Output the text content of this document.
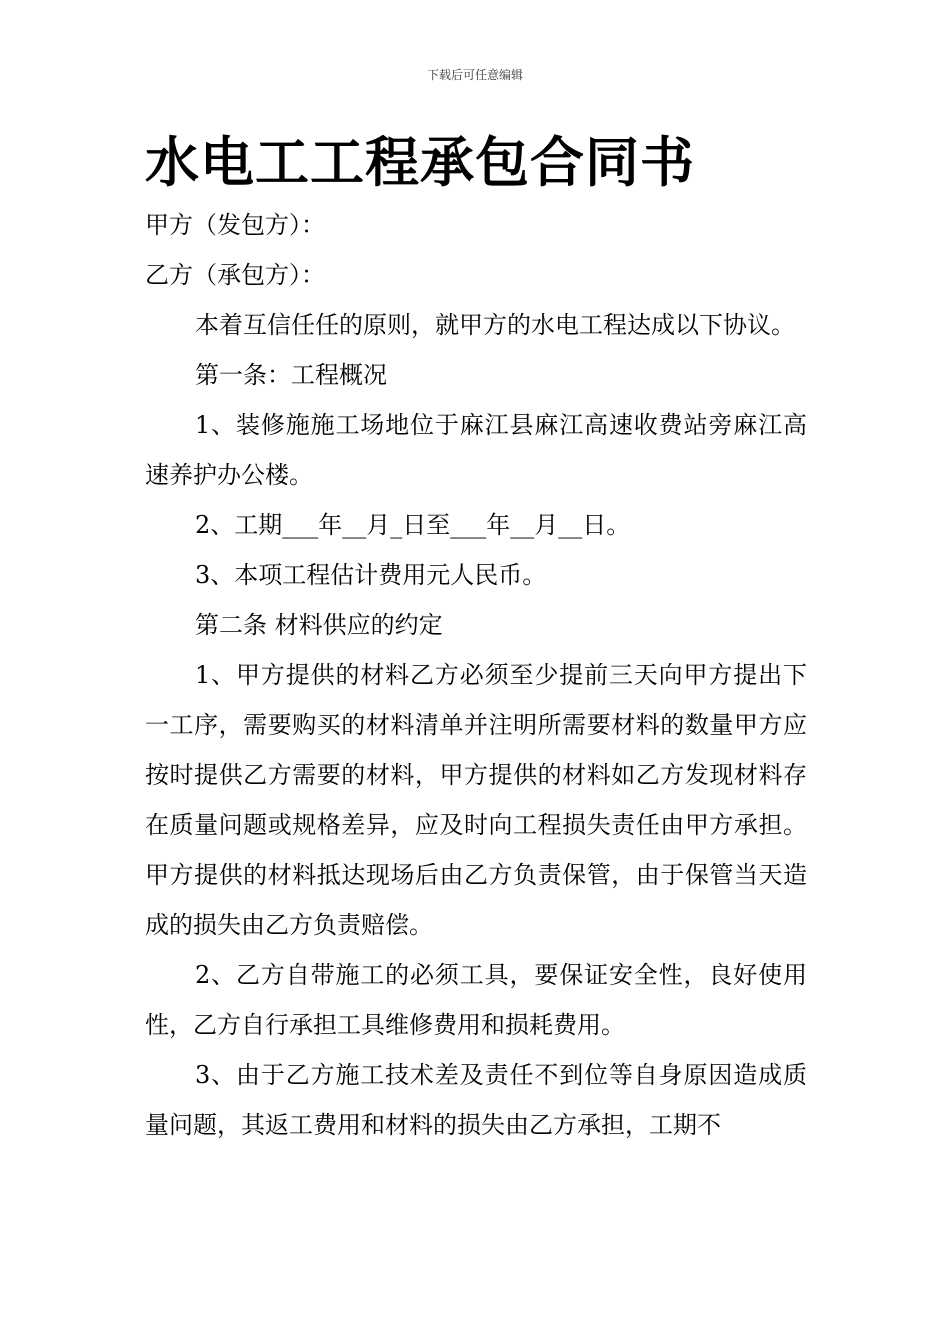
下载后可任意编辑
水电工工程承包合同书

甲方（发包方）：

乙方（承包方）：

本着互信任任的原则，就甲方的水电工程达成以下协议。

第一条：工程概况

1、装修施施工场地位于麻江县麻江高速收费站旁麻江高速养护办公楼。

2、工期___年__月_日至___年__月__日。

3、本项工程估计费用元人民币。

第二条 材料供应的约定

1、甲方提供的材料乙方必须至少提前三天向甲方提出下一工序，需要购买的材料清单并注明所需要材料的数量甲方应按时提供乙方需要的材料，甲方提供的材料如乙方发现材料存在质量问题或规格差异，应及时向工程损失责任由甲方承担。甲方提供的材料抵达现场后由乙方负责保管，由于保管当天造成的损失由乙方负责赔偿。

2、乙方自带施工的必须工具，要保证安全性，良好使用性，乙方自行承担工具维修费用和损耗费用。

3、由于乙方施工技术差及责任不到位等自身原因造成质量问题，其返工费用和材料的损失由乙方承担，工期不
